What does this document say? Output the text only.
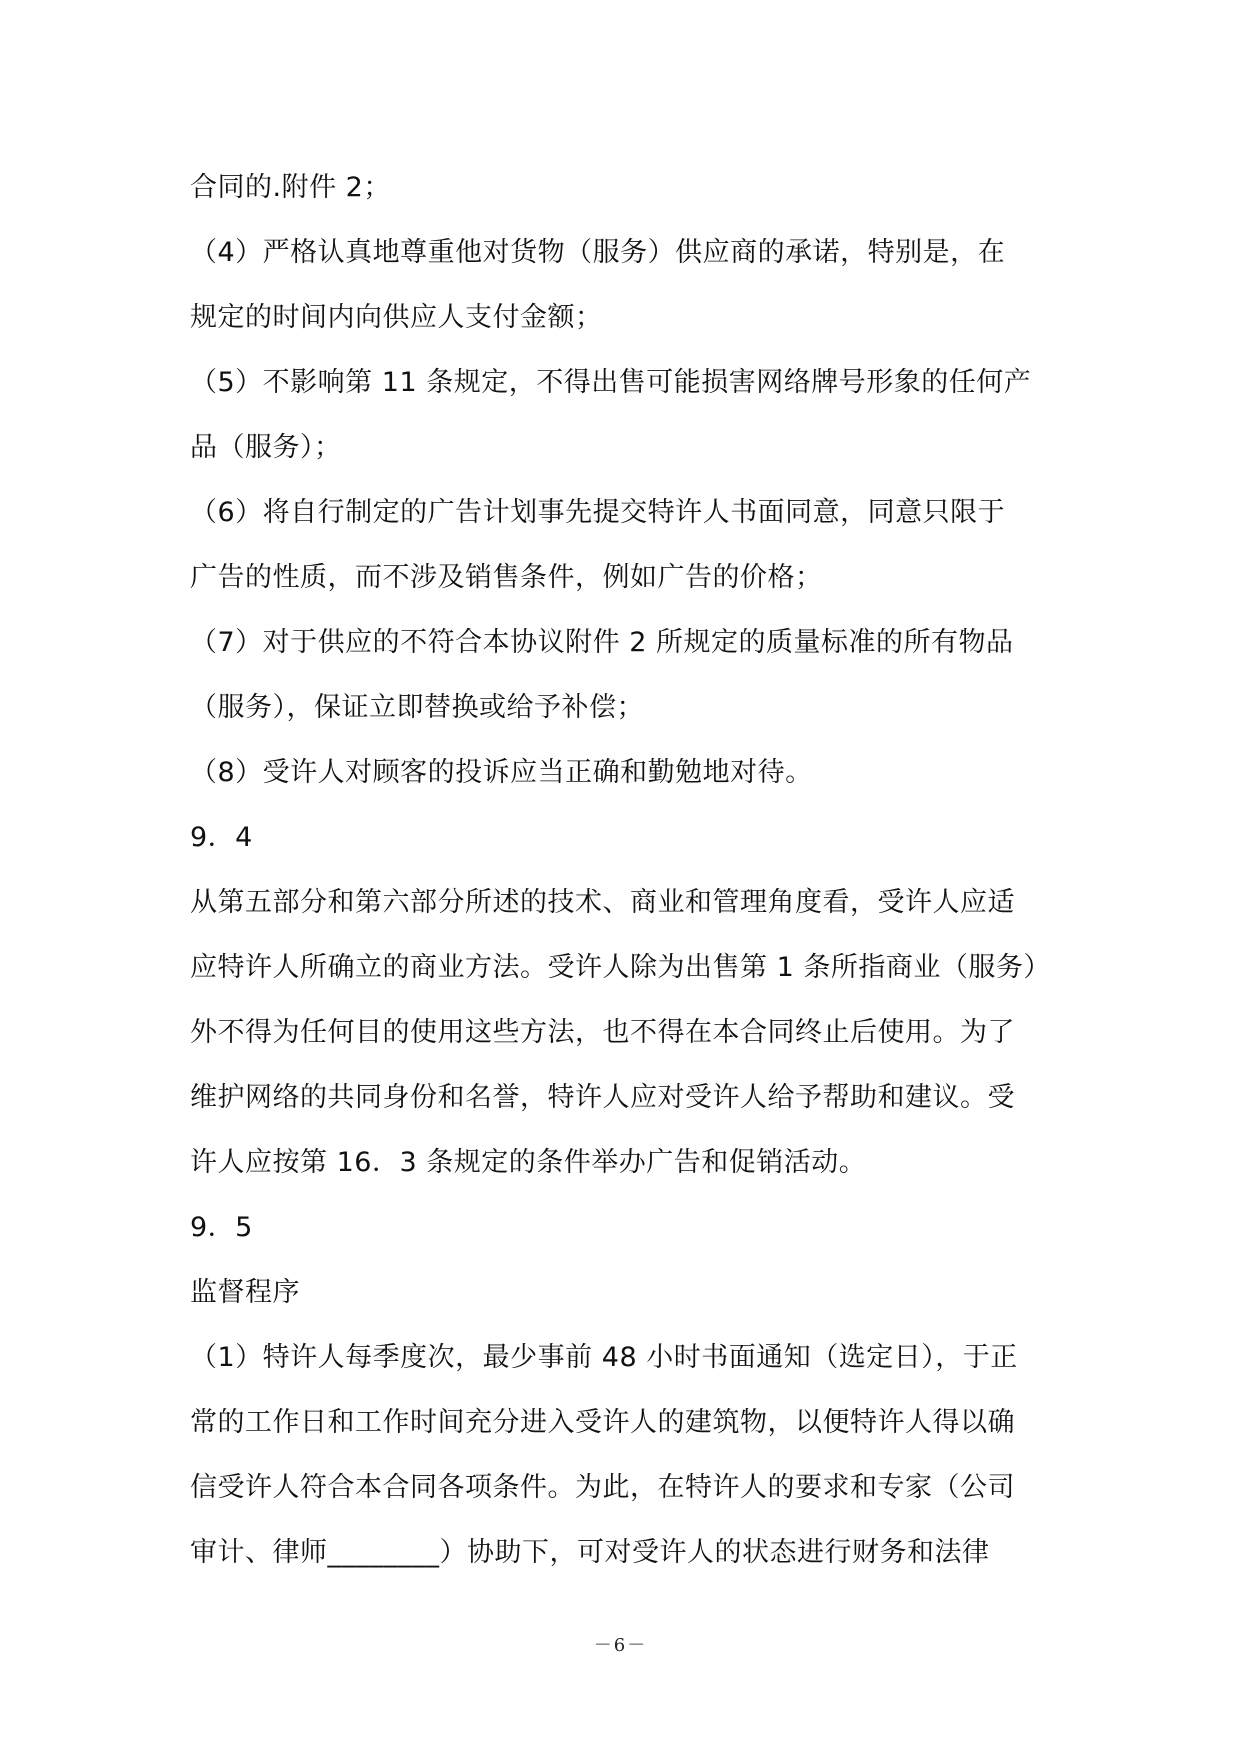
合同的.附件 2；

（4）严格认真地尊重他对货物（服务）供应商的承诺，特别是，在

规定的时间内向供应人支付金额；

（5）不影响第 11 条规定，不得出售可能损害网络牌号形象的任何产

品（服务）；

（6）将自行制定的广告计划事先提交特许人书面同意，同意只限于

广告的性质，而不涉及销售条件，例如广告的价格；

（7）对于供应的不符合本协议附件 2 所规定的质量标准的所有物品

（服务），保证立即替换或给予补偿；

（8）受许人对顾客的投诉应当正确和勤勉地对待。

9．4

从第五部分和第六部分所述的技术、商业和管理角度看，受许人应适

应特许人所确立的商业方法。受许人除为出售第 1 条所指商业（服务）

外不得为任何目的使用这些方法，也不得在本合同终止后使用。为了

维护网络的共同身份和名誉，特许人应对受许人给予帮助和建议。受

许人应按第 16．3 条规定的条件举办广告和促销活动。

9．5

监督程序

（1）特许人每季度次，最少事前 48 小时书面通知（选定日），于正

常的工作日和工作时间充分进入受许人的建筑物，以便特许人得以确

信受许人符合本合同各项条件。为此，在特许人的要求和专家（公司

审计、律师________）协助下，可对受许人的状态进行财务和法律

－6－
